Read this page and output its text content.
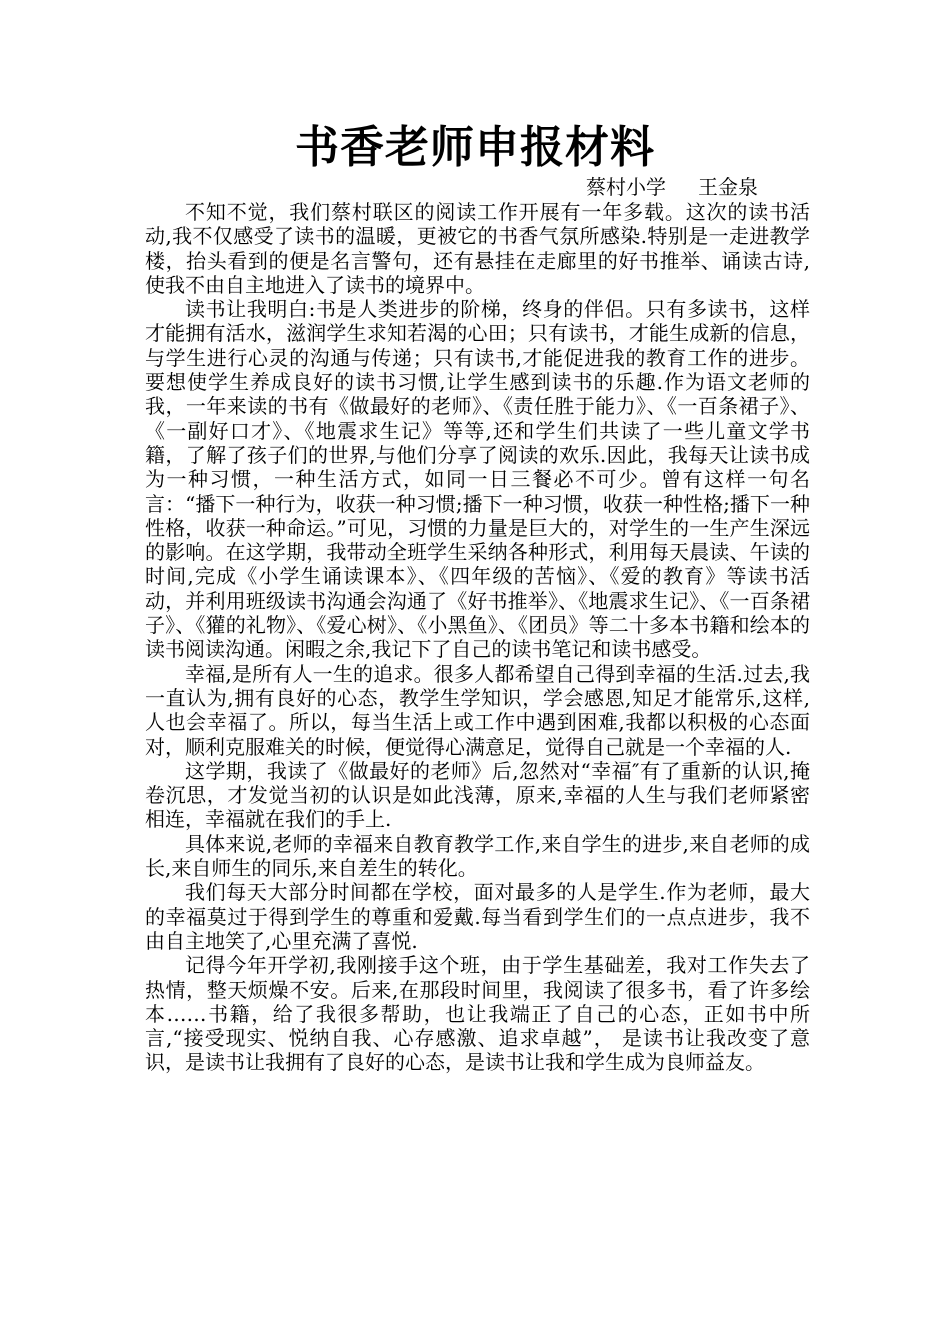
书香老师申报材料
蔡村小学 王金泉

不知不觉，我们蔡村联区的阅读工作开展有一年多载。这次的读书活动,我不仅感受了读书的温暖，更被它的书香气氛所感染.特别是一走进教学楼，抬头看到的便是名言警句，还有悬挂在走廊里的好书推举、诵读古诗,使我不由自主地进入了读书的境界中。

读书让我明白:书是人类进步的阶梯，终身的伴侣。只有多读书，这样才能拥有活水，滋润学生求知若渴的心田；只有读书，才能生成新的信息，与学生进行心灵的沟通与传递；只有读书,才能促进我的教育工作的进步。要想使学生养成良好的读书习惯,让学生感到读书的乐趣.作为语文老师的我，一年来读的书有《做最好的老师》、《责任胜于能力》、《一百条裙子》、《一副好口才》、《地震求生记》等等,还和学生们共读了一些儿童文学书籍，了解了孩子们的世界,与他们分享了阅读的欢乐.因此，我每天让读书成为一种习惯，一种生活方式，如同一日三餐必不可少。曾有这样一句名言：“播下一种行为，收获一种习惯;播下一种习惯，收获一种性格;播下一种性格，收获一种命运。”可见，习惯的力量是巨大的，对学生的一生产生深远的影响。在这学期，我带动全班学生采纳各种形式，利用每天晨读、午读的时间,完成《小学生诵读课本》、《四年级的苦恼》、《爱的教育》等读书活动，并利用班级读书沟通会沟通了《好书推举》、《地震求生记》、《一百条裙子》、《獾的礼物》、《爱心树》、《小黑鱼》、《团员》等二十多本书籍和绘本的读书阅读沟通。闲暇之余,我记下了自己的读书笔记和读书感受。

幸福,是所有人一生的追求。很多人都希望自己得到幸福的生活.过去,我一直认为,拥有良好的心态，教学生学知识，学会感恩,知足才能常乐,这样,人也会幸福了。所以，每当生活上或工作中遇到困难,我都以积极的心态面对，顺利克服难关的时候，便觉得心满意足，觉得自己就是一个幸福的人.

这学期，我读了《做最好的老师》后,忽然对“幸福″有了重新的认识,掩卷沉思，才发觉当初的认识是如此浅薄，原来,幸福的人生与我们老师紧密相连，幸福就在我们的手上.

具体来说,老师的幸福来自教育教学工作,来自学生的进步,来自老师的成长,来自师生的同乐,来自差生的转化。

我们每天大部分时间都在学校，面对最多的人是学生.作为老师，最大的幸福莫过于得到学生的尊重和爱戴.每当看到学生们的一点点进步，我不由自主地笑了,心里充满了喜悦.

记得今年开学初,我刚接手这个班，由于学生基础差，我对工作失去了热情，整天烦燥不安。后来,在那段时间里，我阅读了很多书，看了许多绘本……书籍，给了我很多帮助，也让我端正了自己的心态，正如书中所言,“接受现实、悦纳自我、心存感激、追求卓越”， 是读书让我改变了意识，是读书让我拥有了良好的心态，是读书让我和学生成为良师益友。
